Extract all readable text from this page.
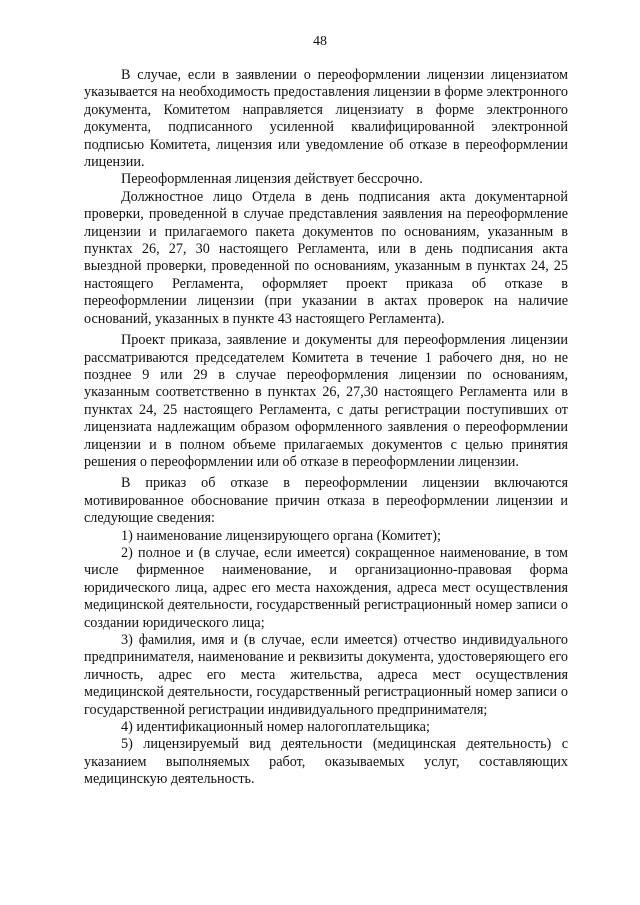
48

В случае, если в заявлении о переоформлении лицензии лицензиатом указывается на необходимость предоставления лицензии в форме электронного документа, Комитетом направляется лицензиату в форме электронного документа, подписанного усиленной квалифицированной электронной подписью Комитета, лицензия или уведомление об отказе в переоформлении лицензии.

Переоформленная лицензия действует бессрочно.

Должностное лицо Отдела в день подписания акта документарной проверки, проведенной в случае представления заявления на переоформление лицензии и прилагаемого пакета документов по основаниям, указанным в пунктах 26, 27, 30 настоящего Регламента, или в день подписания акта выездной проверки, проведенной по основаниям, указанным в пунктах 24, 25 настоящего Регламента, оформляет проект приказа об отказе в переоформлении лицензии (при указании в актах проверок на наличие оснований, указанных в пункте 43 настоящего Регламента).

Проект приказа, заявление и документы для переоформления лицензии рассматриваются председателем Комитета в течение 1 рабочего дня, но не позднее 9 или 29 в случае переоформления лицензии по основаниям, указанным соответственно в пунктах 26, 27,30 настоящего Регламента или в пунктах 24, 25 настоящего Регламента, с даты регистрации поступивших от лицензиата надлежащим образом оформленного заявления о переоформлении лицензии и в полном объеме прилагаемых документов с целью принятия решения о переоформлении или об отказе в переоформлении лицензии.

В приказ об отказе в переоформлении лицензии включаются мотивированное обоснование причин отказа в переоформлении лицензии и следующие сведения:

1) наименование лицензирующего органа (Комитет);

2) полное и (в случае, если имеется) сокращенное наименование, в том числе фирменное наименование, и организационно-правовая форма юридического лица, адрес его места нахождения, адреса мест осуществления медицинской деятельности, государственный регистрационный номер записи о создании юридического лица;

3) фамилия, имя и (в случае, если имеется) отчество индивидуального предпринимателя, наименование и реквизиты документа, удостоверяющего его личность, адрес его места жительства, адреса мест осуществления медицинской деятельности, государственный регистрационный номер записи о государственной регистрации индивидуального предпринимателя;

4) идентификационный номер налогоплательщика;

5) лицензируемый вид деятельности (медицинская деятельность) с указанием выполняемых работ, оказываемых услуг, составляющих медицинскую деятельность.
